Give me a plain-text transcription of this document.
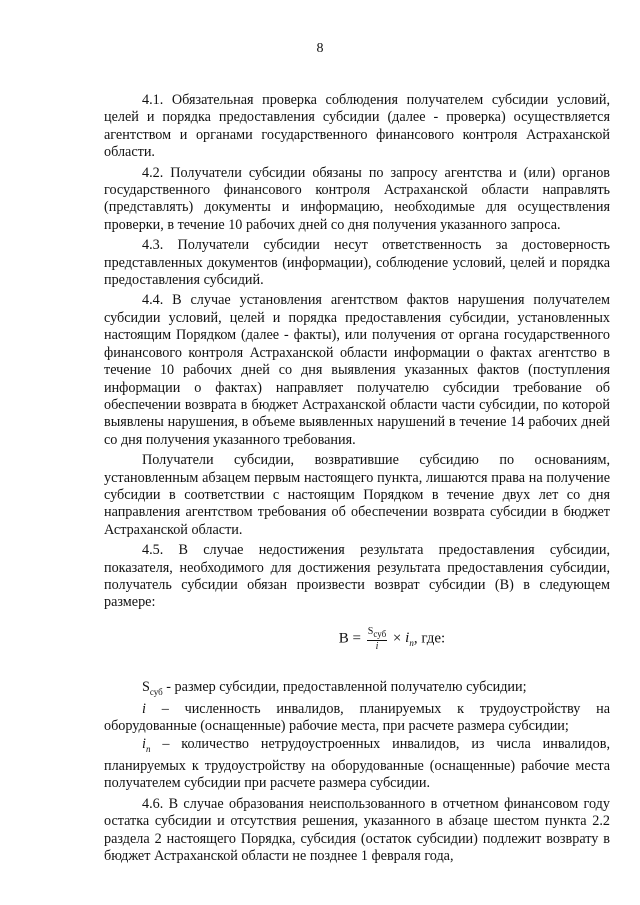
8

4.1. Обязательная проверка соблюдения получателем субсидии условий, целей и порядка предоставления субсидии (далее - проверка) осуществляется агентством и органами государственного финансового контроля Астраханской области.

4.2. Получатели субсидии обязаны по запросу агентства и (или) органов государственного финансового контроля Астраханской области направлять (представлять) документы и информацию, необходимые для осуществления проверки, в течение 10 рабочих дней со дня получения указанного запроса.

4.3. Получатели субсидии несут ответственность за достоверность представленных документов (информации), соблюдение условий, целей и порядка предоставления субсидий.

4.4. В случае установления агентством фактов нарушения получателем субсидии условий, целей и порядка предоставления субсидии, установленных настоящим Порядком (далее - факты), или получения от органа государственного финансового контроля Астраханской области информации о фактах агентство в течение 10 рабочих дней со дня выявления указанных фактов (поступления информации о фактах) направляет получателю субсидии требование об обеспечении возврата в бюджет Астраханской области части субсидии, по которой выявлены нарушения, в объеме выявленных нарушений в течение 14 рабочих дней со дня получения указанного требования.

Получатели субсидии, возвратившие субсидию по основаниям, установленным абзацем первым настоящего пункта, лишаются права на получение субсидии в соответствии с настоящим Порядком в течение двух лет со дня направления агентством требования об обеспечении возврата субсидии в бюджет Астраханской области.

4.5. В случае недостижения результата предоставления субсидии, показателя, необходимого для достижения результата предоставления субсидии, получатель субсидии обязан произвести возврат субсидии (В) в следующем размере:

$В = \frac{S_{суб}}{i} \times i_n$, где:

$S_{суб}$ - размер субсидии, предоставленной получателю субсидии;

i – численность инвалидов, планируемых к трудоустройству на оборудованные (оснащенные) рабочие места, при расчете размера субсидии;

$i_n$ – количество нетрудоустроенных инвалидов, из числа инвалидов, планируемых к трудоустройству на оборудованные (оснащенные) рабочие места получателем субсидии при расчете размера субсидии.

4.6. В случае образования неиспользованного в отчетном финансовом году остатка субсидии и отсутствия решения, указанного в абзаце шестом пункта 2.2 раздела 2 настоящего Порядка, субсидия (остаток субсидии) подлежит возврату в бюджет Астраханской области не позднее 1 февраля года,
